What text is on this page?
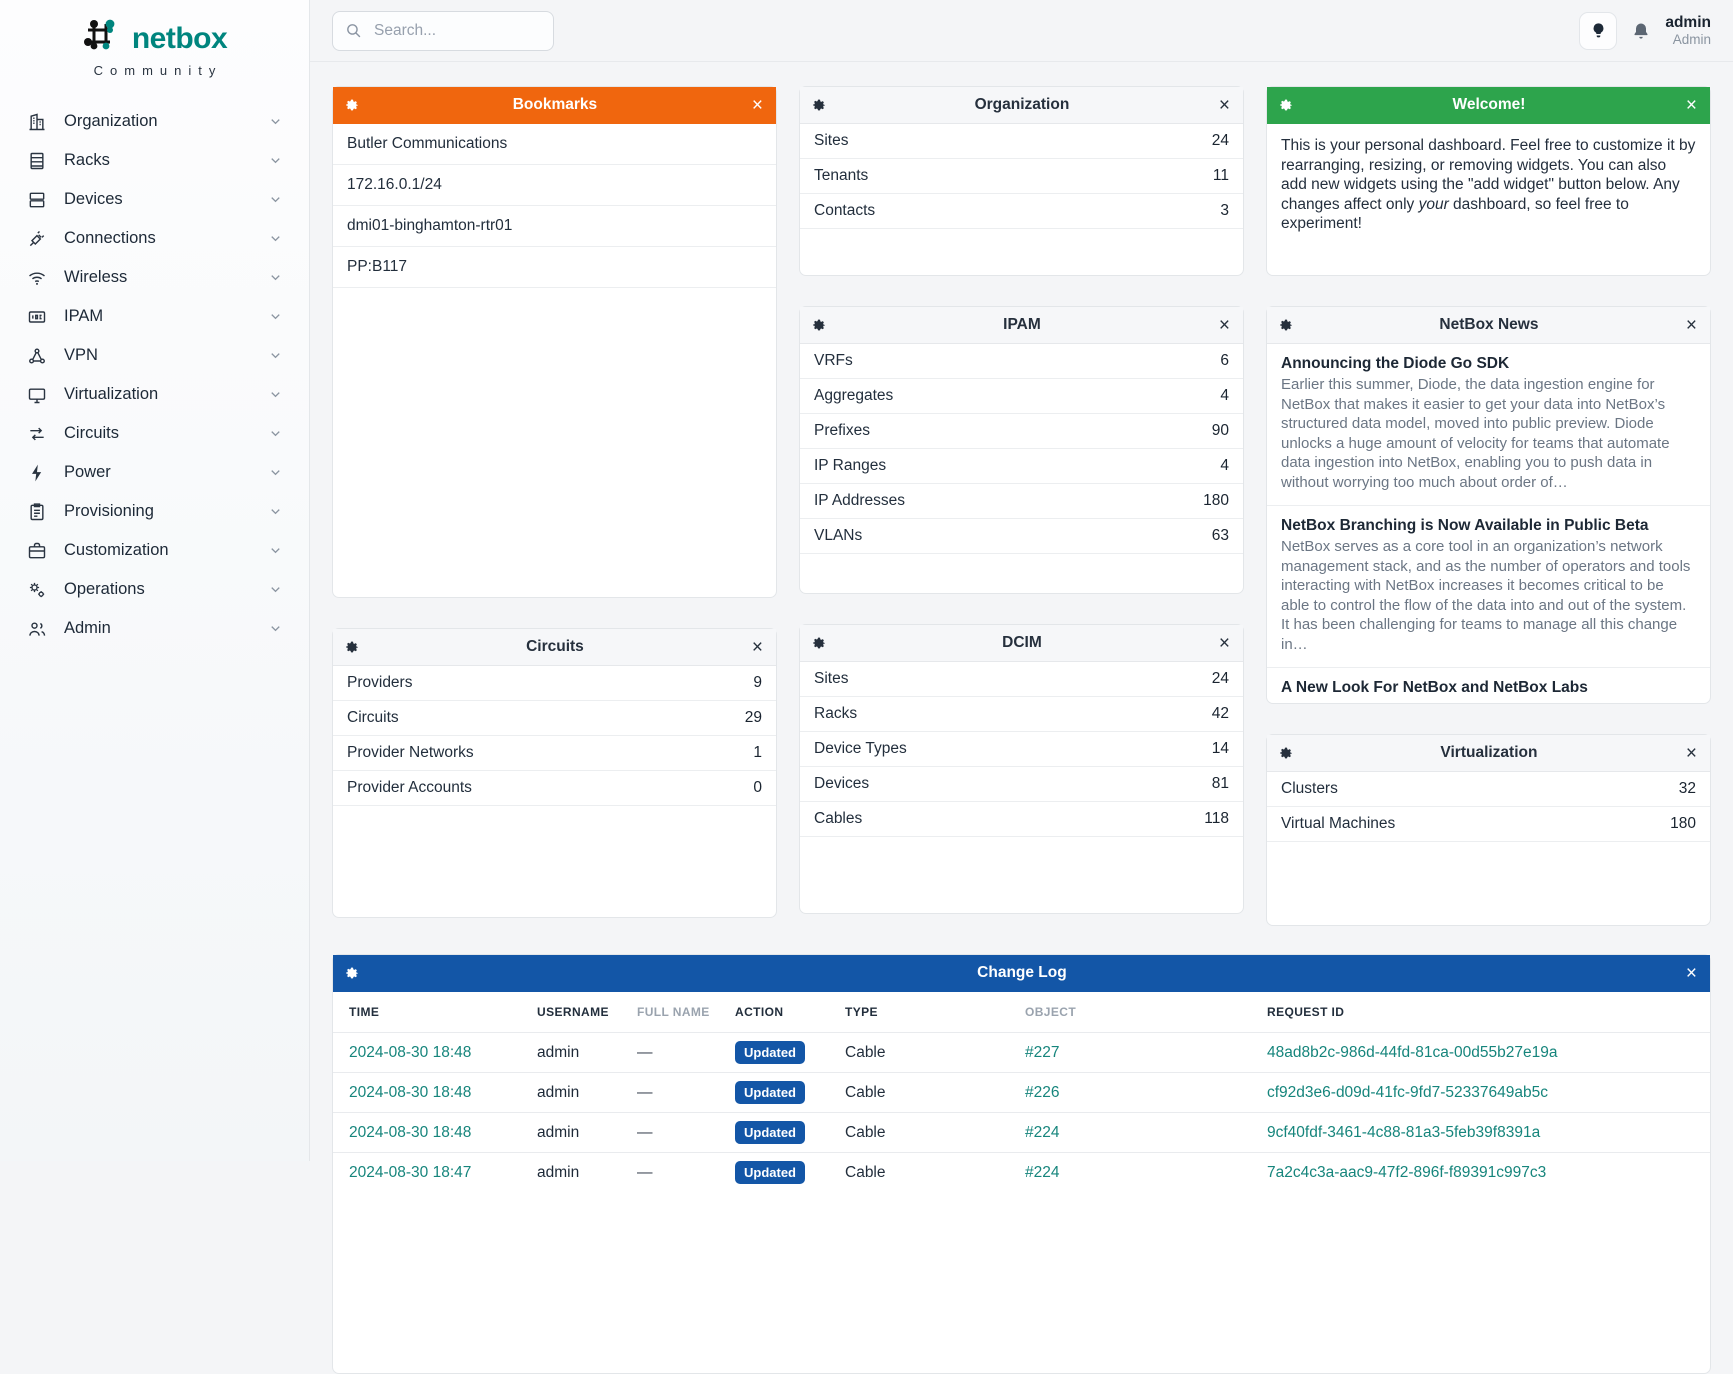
netbox
Community
Organization
Racks
Devices
Connections
Wireless
IPAM
VPN
Virtualization
Circuits
Power
Provisioning
Customization
Operations
Admin
Search...
admin
Admin
Bookmarks	×
Butler Communications
172.16.0.1/24
dmi01-binghamton-rtr01
PP:B117
Circuits	×
Providers	9
Circuits	29
Provider Networks	1
Provider Accounts	0
Organization	×
Sites	24
Tenants	11
Contacts	3
IPAM	×
VRFs	6
Aggregates	4
Prefixes	90
IP Ranges	4
IP Addresses	180
VLANs	63
DCIM	×
Sites	24
Racks	42
Device Types	14
Devices	81
Cables	118
Welcome!	×
This is your personal dashboard. Feel free to customize it by rearranging, resizing, or removing widgets. You can also add new widgets using the "add widget" button below. Any changes affect only your dashboard, so feel free to experiment!
NetBox News	×
Announcing the Diode Go SDK
Earlier this summer, Diode, the data ingestion engine for NetBox that makes it easier to get your data into NetBox’s structured data model, moved into public preview. Diode unlocks a huge amount of velocity for teams that automate data ingestion into NetBox, enabling you to push data in without worrying too much about order of…
NetBox Branching is Now Available in Public Beta
NetBox serves as a core tool in an organization’s network management stack, and as the number of operators and tools interacting with NetBox increases it becomes critical to be able to control the flow of the data into and out of the system. It has been challenging for teams to manage all this change in…
A New Look For NetBox and NetBox Labs
Virtualization	×
Clusters	32
Virtual Machines	180
Change Log	×
TIME	USERNAME	FULL NAME	ACTION	TYPE	OBJECT	REQUEST ID
2024-08-30 18:48	admin	—	Updated	Cable	#227	48ad8b2c-986d-44fd-81ca-00d55b27e19a
2024-08-30 18:48	admin	—	Updated	Cable	#226	cf92d3e6-d09d-41fc-9fd7-52337649ab5c
2024-08-30 18:48	admin	—	Updated	Cable	#224	9cf40fdf-3461-4c88-81a3-5feb39f8391a
2024-08-30 18:47	admin	—	Updated	Cable	#224	7a2c4c3a-aac9-47f2-896f-f89391c997c3
